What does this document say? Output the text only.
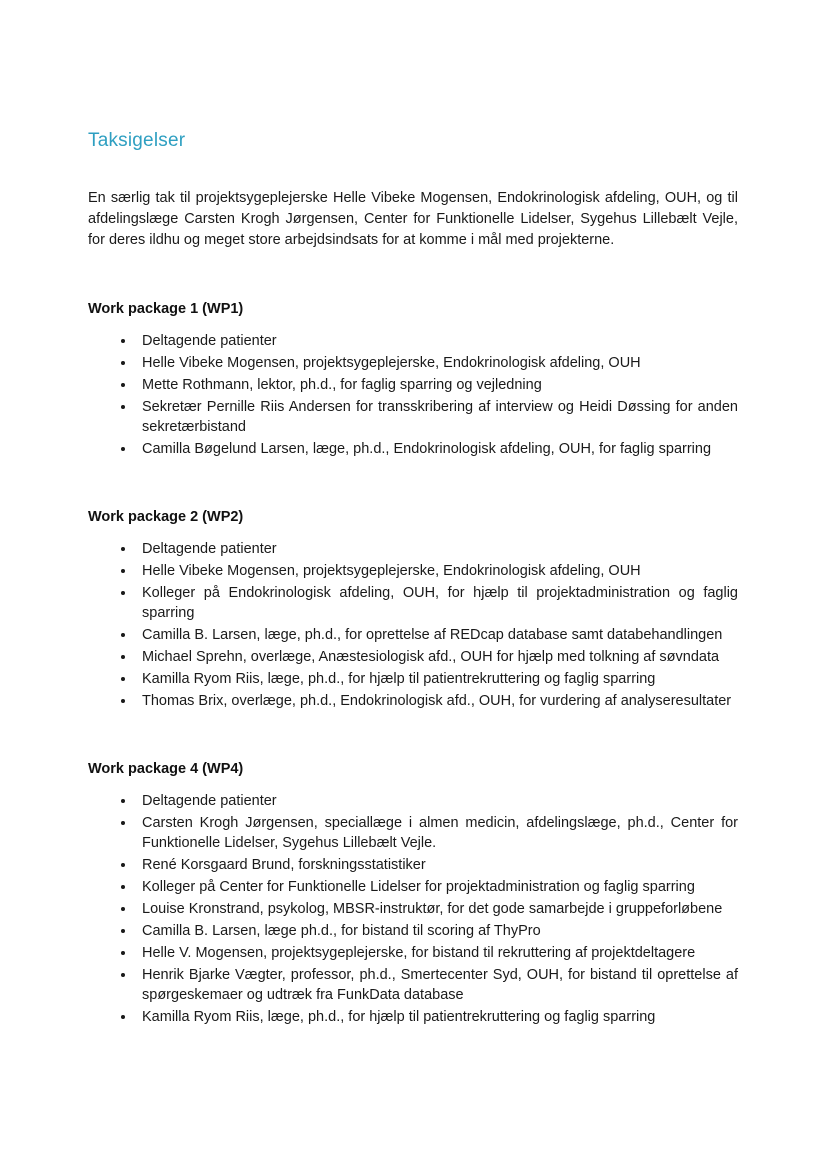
Taksigelser

En særlig tak til projektsygeplejerske Helle Vibeke Mogensen, Endokrinologisk afdeling, OUH, og til afdelingslæge Carsten Krogh Jørgensen, Center for Funktionelle Lidelser, Sygehus Lillebælt Vejle, for deres ildhu og meget store arbejdsindsats for at komme i mål med projekterne.

Work package 1 (WP1)
• Deltagende patienter
• Helle Vibeke Mogensen, projektsygeplejerske, Endokrinologisk afdeling, OUH
• Mette Rothmann, lektor, ph.d., for faglig sparring og vejledning
• Sekretær Pernille Riis Andersen for transskribering af interview og Heidi Døssing for anden sekretærbistand
• Camilla Bøgelund Larsen, læge, ph.d., Endokrinologisk afdeling, OUH, for faglig sparring
Work package 2 (WP2)
• Deltagende patienter
• Helle Vibeke Mogensen, projektsygeplejerske, Endokrinologisk afdeling, OUH
• Kolleger på Endokrinologisk afdeling, OUH, for hjælp til projektadministration og faglig sparring
• Camilla B. Larsen, læge, ph.d., for oprettelse af REDcap database samt databehandlingen
• Michael Sprehn, overlæge, Anæstesiologisk afd., OUH for hjælp med tolkning af søvndata
• Kamilla Ryom Riis, læge, ph.d., for hjælp til patientrekruttering og faglig sparring
• Thomas Brix, overlæge, ph.d., Endokrinologisk afd., OUH, for vurdering af analyseresultater
Work package 4 (WP4)
• Deltagende patienter
• Carsten Krogh Jørgensen, speciallæge i almen medicin, afdelingslæge, ph.d., Center for Funktionelle Lidelser, Sygehus Lillebælt Vejle.
• René Korsgaard Brund, forskningsstatistiker
• Kolleger på Center for Funktionelle Lidelser for projektadministration og faglig sparring
• Louise Kronstrand, psykolog, MBSR-instruktør, for det gode samarbejde i gruppeforløbene
• Camilla B. Larsen, læge ph.d., for bistand til scoring af ThyPro
• Helle V. Mogensen, projektsygeplejerske, for bistand til rekruttering af projektdeltagere
• Henrik Bjarke Vægter, professor, ph.d., Smertecenter Syd, OUH, for bistand til oprettelse af spørgeskemaer og udtræk fra FunkData database
• Kamilla Ryom Riis, læge, ph.d., for hjælp til patientrekruttering og faglig sparring
